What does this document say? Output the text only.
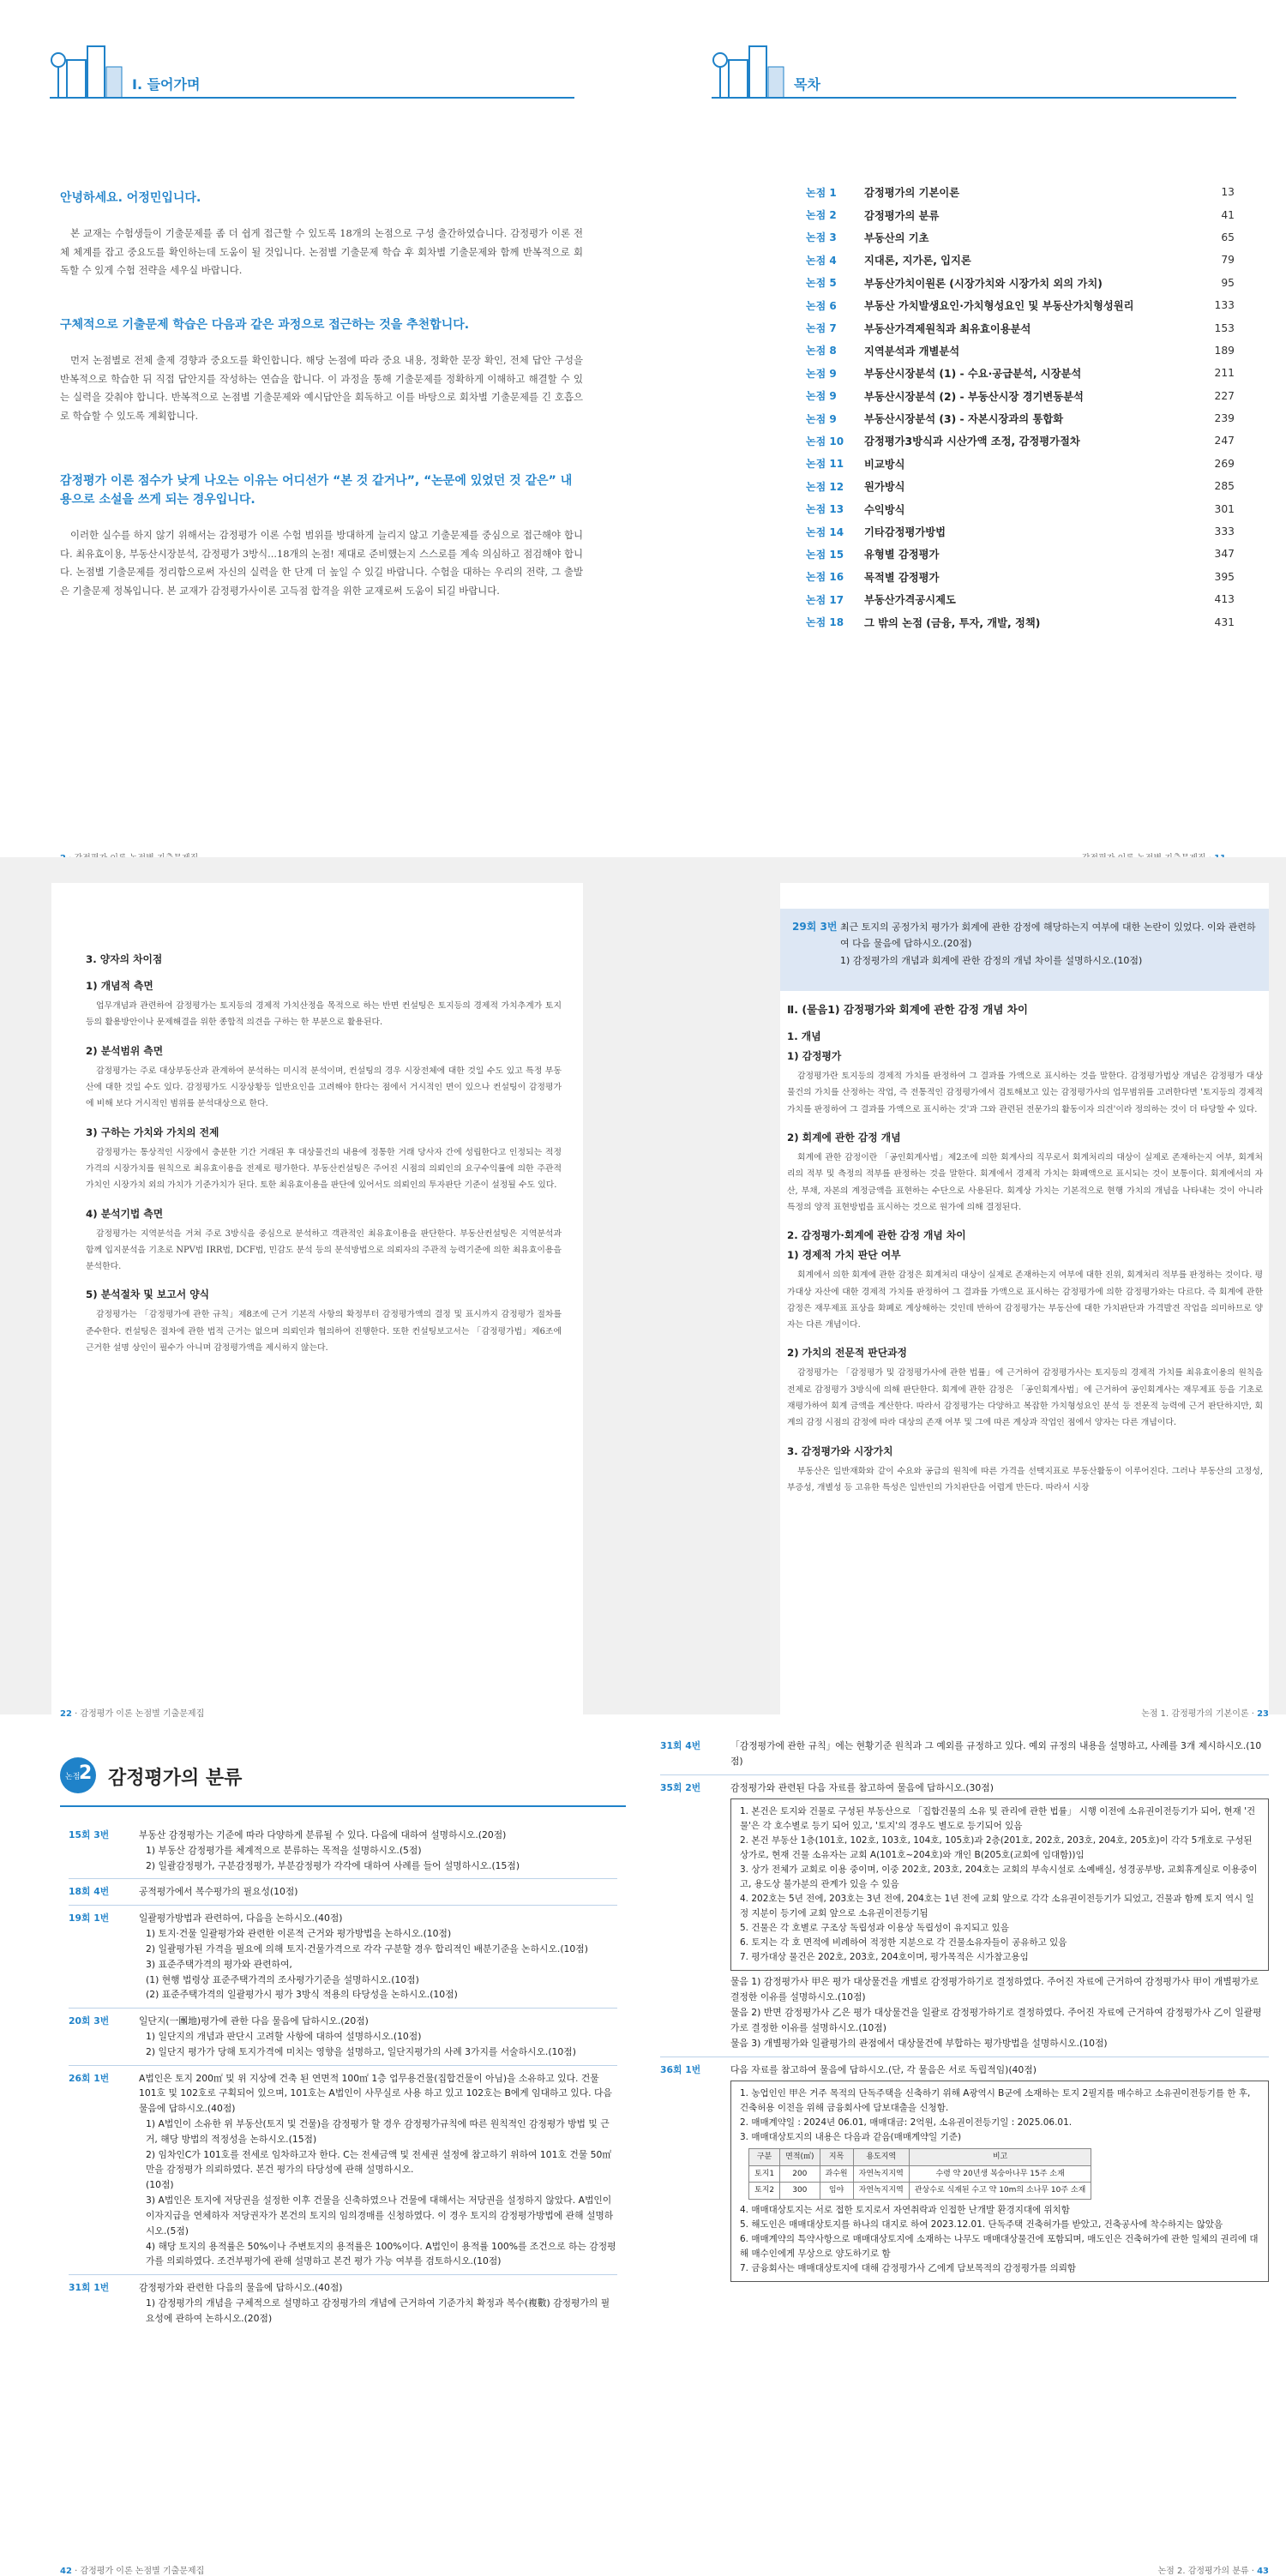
Ⅰ. 들어가며
안녕하세요. 어정민입니다.
본 교재는 수험생들이 기출문제를 좀 더 쉽게 접근할 수 있도록 18개의 논점으로 구성 출간하였습니다. 감정평가 이론 전체 체계를 잡고 중요도를 확인하는데 도움이 될 것입니다. 논점별 기출문제 학습 후 회차별 기출문제와 함께 반복적으로 회독할 수 있게 수험 전략을 세우실 바랍니다.
구체적으로 기출문제 학습은 다음과 같은 과정으로 접근하는 것을 추천합니다.
먼저 논점별로 전체 출제 경향과 중요도를 확인합니다. 해당 논점에 따라 중요 내용, 정확한 문장 확인, 전체 답안 구성을 반복적으로 학습한 뒤 직접 답안지를 작성하는 연습을 합니다. 이 과정을 통해 기출문제를 정확하게 이해하고 해결할 수 있는 실력을 갖춰야 합니다. 반복적으로 논점별 기출문제와 예시답안을 회독하고 이를 바탕으로 회차별 기출문제를 긴 호흡으로 학습할 수 있도록 계획합니다.
감정평가 이론 점수가 낮게 나오는 이유는 어디선가 “본 것 같거나”, “논문에 있었던 것 같은” 내용으로 소설을 쓰게 되는 경우입니다.
이러한 실수를 하지 않기 위해서는 감정평가 이론 수험 범위를 방대하게 늘리지 않고 기출문제를 중심으로 접근해야 합니다. 최유효이용, 부동산시장분석, 감정평가 3방식...18개의 논점! 제대로 준비했는지 스스로를 계속 의심하고 점검해야 합니다. 논점별 기출문제를 정리함으로써 자신의 실력을 한 단계 더 높일 수 있길 바랍니다. 수험을 대하는 우리의 전략, 그 출발은 기출문제 정복입니다. 본 교재가 감정평가사이론 고득점 합격을 위한 교재로써 도움이 되길 바랍니다.
목차
논점 1	감정평가의 기본이론	13
논점 2	감정평가의 분류	41
논점 3	부동산의 기초	65
논점 4	지대론, 지가론, 입지론	79
논점 5	부동산가치이원론 (시장가치와 시장가치 외의 가치)	95
논점 6	부동산 가치발생요인·가치형성요인 및 부동산가치형성원리	133
논점 7	부동산가격제원칙과 최유효이용분석	153
논점 8	지역분석과 개별분석	189
논점 9	부동산시장분석 (1) - 수요·공급분석, 시장분석	211
논점 9	부동산시장분석 (2) - 부동산시장 경기변동분석	227
논점 9	부동산시장분석 (3) - 자본시장과의 통합화	239
논점 10	감정평가3방식과 시산가액 조정, 감정평가절차	247
논점 11	비교방식	269
논점 12	원가방식	285
논점 13	수익방식	301
논점 14	기타감정평가방법	333
논점 15	유형별 감정평가	347
논점 16	목적별 감정평가	395
논점 17	부동산가격공시제도	413
논점 18	그 밖의 논점 (금융, 투자, 개발, 정책)	431
3. 양자의 차이점
1) 개념적 측면
업무개념과 관련하여 감정평가는 토지등의 경제적 가치산정을 목적으로 하는 반면 컨설팅은 토지등의 경제적 가치추계가 토지등의 활용방안이나 문제해결을 위한 종합적 의견을 구하는 한 부분으로 활용된다.
2) 분석범위 측면
감정평가는 주로 대상부동산과 관계하여 분석하는 미시적 분석이며, 컨설팅의 경우 시장전체에 대한 것일 수도 있고 특정 부동산에 대한 것일 수도 있다. 감정평가도 시장상황등 일반요인을 고려해야 한다는 점에서 거시적인 면이 있으나 컨설팅이 감정평가에 비해 보다 거시적인 범위를 분석대상으로 한다.
3) 구하는 가치와 가치의 전제
감정평가는 통상적인 시장에서 충분한 기간 거래된 후 대상물건의 내용에 정통한 거래 당사자 간에 성립한다고 인정되는 적정가격의 시장가치를 원칙으로 최유효이용을 전제로 평가한다. 부동산컨설팅은 주어진 시점의 의뢰인의 요구수익률에 의한 주관적 가치인 시장가치 외의 가치가 기준가치가 된다. 토한 최유효이용을 판단에 있어서도 의뢰인의 투자판단 기준이 설정될 수도 있다.
4) 분석기법 측면
감정평가는 지역분석을 거쳐 주로 3방식을 중심으로 분석하고 객관적인 최유효이용을 판단한다. 부동산컨설팅은 지역분석과 함께 입지분석을 기초로 NPV법 IRR법, DCF법, 민감도 분석 등의 분석방법으로 의뢰자의 주관적 능력기준에 의한 최유효이용을 분석한다.
5) 분석절차 및 보고서 양식
감정평가는 「감정평가에 관한 규칙」제8조에 근거 기본적 사항의 확정부터 감정평가액의 결정 및 표시까지 감정평가 절차를 준수한다. 컨설팅은 절차에 관한 법적 근거는 없으며 의뢰인과 협의하여 진행한다. 또한 컨설팅보고서는 「감정평가법」제6조에 근거한 설명 상인이 필수가 아니며 감정평가액을 제시하지 않는다.
22 · 감정평가 이론 논점별 기출문제집
29회 3번 최근 토지의 공정가치 평가가 회계에 관한 감정에 해당하는지 여부에 대한 논란이 있었다. 이와 관련하여 다음 물음에 답하시오.(20점)
1) 감정평가의 개념과 회계에 관한 감정의 개념 차이를 설명하시오.(10점)
Ⅱ. (물음1) 감정평가와 회계에 관한 감정 개념 차이
1. 개념
1) 감정평가
감정평가란 토지등의 경제적 가치를 판정하여 그 결과를 가액으로 표시하는 것을 말한다. 감정평가법상 개념은 감정평가 대상물건의 가치를 산정하는 작업, 즉 전통적인 감정평가에서 검토해보고 있는 감정평가사의 업무범위를 고려한다면 '토지등의 경제적 가치를 판정하여 그 결과를 가액으로 표시하는 것'과 그와 관련된 전문가의 활동이자 의견'이라 정의하는 것이 더 타당할 수 있다.
2) 회계에 관한 감정 개념
회계에 관한 감정이란 「공인회계사법」제2조에 의한 회계사의 직무로서 회계처리의 대상이 실제로 존재하는지 여부, 회계처리의 적부 및 측정의 적부를 판정하는 것을 말한다. 회계에서 경제적 가치는 화폐액으로 표시되는 것이 보통이다. 회계에서의 자산, 부채, 자본의 계정금액을 표현하는 수단으로 사용된다. 회계상 가치는 기본적으로 현행 가치의 개념을 나타내는 것이 아니라 특정의 양적 표현방법을 표시하는 것으로 원가에 의해 결정된다.
2. 감정평가·회계에 관한 감정 개념 차이
1) 경제적 가치 판단 여부
회계에서 의한 회계에 관한 감정은 회계처리 대상이 실제로 존재하는지 여부에 대한 진위, 회계처리 적부를 판정하는 것이다. 평가대상 자산에 대한 경제적 가치를 판정하여 그 결과를 가액으로 표시하는 감정평가에 의한 감정평가와는 다르다. 즉 회계에 관한 감정은 재무제표 표상을 화폐로 계상해하는 것인데 반하여 감정평가는 부동산에 대한 가치판단과 가격발견 작업을 의미하므로 양자는 다른 개념이다.
2) 가치의 전문적 판단과정
감정평가는 「감정평가 및 감정평가사에 관한 법률」에 근거하여 감정평가사는 토지등의 경제적 가치를 최유효이용의 원칙을 전제로 감정평가 3방식에 의해 판단한다. 회계에 관한 감정은 「공인회계사법」에 근거하여 공인회계사는 재무제표 등을 기초로 재평가하여 회계 금액을 계산한다. 따라서 감정평가는 다양하고 복잡한 가치형성요인 분석 등 전문적 능력에 근거 판단하지만, 회계의 감정 시점의 감정에 따라 대상의 존재 여부 및 그에 따른 계상과 작업인 점에서 양자는 다른 개념이다.
3. 감정평가와 시장가치
부동산은 일반재화와 같이 수요와 공급의 원칙에 따른 가격을 선택지표로 부동산활동이 이루어진다. 그러나 부동산의 고정성, 부증성, 개별성 등 고유한 특성은 일반인의 가치판단을 어렵게 만든다. 따라서 시장
논점 1. 감정평가의 기본이론 · 23
논점
2 감정평가의 분류
15회 3번	부동산 감정평가는 기준에 따라 다양하게 분류될 수 있다. 다음에 대하여 설명하시오.(20점)
1) 부동산 감정평가를 체계적으로 분류하는 목적을 설명하시오.(5점)
2) 일괄감정평가, 구분감정평가, 부분감정평가 각각에 대하여 사례를 들어 설명하시오.(15점)
18회 4번	공적평가에서 복수평가의 필요성(10점)
19회 1번	일괄평가방법과 관련하여, 다음을 논하시오.(40점)
1) 토지·건물 일괄평가와 관련한 이론적 근거와 평가방법을 논하시오.(10점)
2) 일괄평가된 가격을 필요에 의해 토지·건물가격으로 각각 구분할 경우 합리적인 배분기준을 논하시오.(10점)
3) 표준주택가격의 평가와 관련하여,
(1) 현행 법령상 표준주택가격의 조사평가기준을 설명하시오.(10점)
(2) 표준주택가격의 일괄평가시 평가 3방식 적용의 타당성을 논하시오.(10점)
20회 3번	일단지(一團地)평가에 관한 다음 물음에 답하시오.(20점)
1) 일단지의 개념과 판단시 고려할 사항에 대하여 설명하시오.(10점)
2) 일단지 평가가 당해 토지가격에 미치는 영향을 설명하고, 일단지평가의 사례 3가지를 서술하시오.(10점)
26회 1번	A법인은 토지 200㎡ 및 위 지상에 건축 된 연면적 100㎡ 1층 업무용건물(집합건물이 아님)을 소유하고 있다. 건물 101호 및 102호로 구획되어 있으며, 101호는 A법인이 사무실로 사용 하고 있고 102호는 B에게 임대하고 있다. 다음 물음에 답하시오.(40점)
1) A법인이 소유한 위 부동산(토지 및 건물)을 감정평가 할 경우 감정평가규칙에 따른 원칙적인 감정평가 방법 및 근거, 해당 방법의 적정성을 논하시오.(15점)
2) 임차인C가 101호를 전세로 임차하고자 한다. C는 전세금액 및 전세권 설정에 참고하기 위하여 101호 건물 50㎡만을 감정평가 의뢰하였다. 본건 평가의 타당성에 관해 설명하시오.
(10점)
3) A법인은 토지에 저당권을 설정한 이후 건물을 신축하였으나 건물에 대해서는 저당권을 설정하지 않았다. A법인이 이자지급을 연체하자 저당권자가 본건의 토지의 임의경매를 신청하였다. 이 경우 토지의 감정평가방법에 관해 설명하시오.(5점)
4) 해당 토지의 용적률은 50%이나 주변토지의 용적률은 100%이다. A법인이 용적률 100%를 조건으로 하는 감정평가를 의뢰하였다. 조건부평가에 관해 설명하고 본건 평가 가능 여부를 검토하시오.(10점)
31회 1번	감정평가와 관련한 다음의 물음에 답하시오.(40점)
1) 감정평가의 개념을 구체적으로 설명하고 감정평가의 개념에 근거하여 기준가치 확정과 복수(複數) 감정평가의 필요성에 관하여 논하시오.(20점)
42 · 감정평가 이론 논점별 기출문제집
31회 4번	「감정평가에 관한 규칙」에는 현황기준 원칙과 그 예외를 규정하고 있다. 예외 규정의 내용을 설명하고, 사례를 3개 제시하시오.(10점)
35회 2번	감정평가와 관련된 다음 자료를 참고하여 물음에 답하시오.(30점)
1. 본건은 토지와 건물로 구성된 부동산으로 「집합건물의 소유 및 관리에 관한 법률」 시행 이전에 소유권이전등기가 되어, 현재 '건물'은 각 호수별로 등기 되어 있고, '토지'의 경우도 별도로 등기되어 있음
2. 본건 부동산 1층(101호, 102호, 103호, 104호, 105호)과 2층(201호, 202호, 203호, 204호, 205호)이 각각 5개호로 구성된 상가로, 현재 건물 소유자는 교회 A(101호~204호)와 개인 B(205호(교회에 임대함))임
3. 상가 전체가 교회로 이용 중이며, 이중 202호, 203호, 204호는 교회의 부속시설로 소예배실, 성경공부방, 교회휴게실로 이용중이고, 용도상 불가분의 관계가 있을 수 있음
4. 202호는 5년 전에, 203호는 3년 전에, 204호는 1년 전에 교회 앞으로 각각 소유권이전등기가 되었고, 건물과 함께 토지 역시 일정 지분이 등기에 교회 앞으로 소유권이전등기됨
5. 건물은 각 호별로 구조상 독립성과 이용상 독립성이 유지되고 있음
6. 토지는 각 호 면적에 비례하여 적정한 지분으로 각 건물소유자들이 공유하고 있음
7. 평가대상 물건은 202호, 203호, 204호이며, 평가목적은 시가참고용임
물음 1) 감정평가사 甲은 평가 대상물건을 개별로 감정평가하기로 결정하였다. 주어진 자료에 근거하여 감정평가사 甲이 개별평가로 결정한 이유를 설명하시오.(10점)
물음 2) 반면 감정평가사 乙은 평가 대상물건을 일괄로 감정평가하기로 결정하였다. 주어진 자료에 근거하여 감정평가사 乙이 일괄평가로 결정한 이유를 설명하시오.(10점)
물음 3) 개별평가와 일괄평가의 관점에서 대상물건에 부합하는 평가방법을 설명하시오.(10점)
36회 1번	다음 자료를 참고하여 물음에 답하시오.(단, 각 물음은 서로 독립적임)(40점)
1. 농업인인 甲은 거주 목적의 단독주택을 신축하기 위해 A광역시 B군에 소재하는 토지 2필지를 매수하고 소유권이전등기를 한 후, 건축허용 이전을 위해 금융회사에 담보대출을 신청함.
2. 매매계약일 : 2024년 06.01, 매매대금: 2억원, 소유권이전등기일 : 2025.06.01.
3. 매매대상토지의 내용은 다음과 같음(매매계약일 기준)
구분	면적(㎡)	지목	용도지역	비고
토지1	200	과수원	자연녹지지역	수령 약 20년생 복숭아나무 15주 소재
토지2	300	임야	자연녹지지역	관상수로 식재된 수고 약 10m의 소나무 10주 소재
4. 매매대상토지는 서로 접한 토지로서 자연취락과 인접한 난개발 환경지대에 위치함
5. 해도인은 매매대상토지를 하나의 대지로 하여 2023.12.01. 단독주택 건축허가를 받았고, 건축공사에 착수하지는 않았음
6. 매매계약의 특약사항으로 매매대상토지에 소재하는 나무도 매매대상물건에 포함되며, 매도인은 건축허가에 관한 일체의 권리에 대해 매수인에게 무상으로 양도하기로 함
7. 금융회사는 매매대상토지에 대해 감정평가사 乙에게 담보목적의 감정평가를 의뢰함
논점 2. 감정평가의 분류 · 43
